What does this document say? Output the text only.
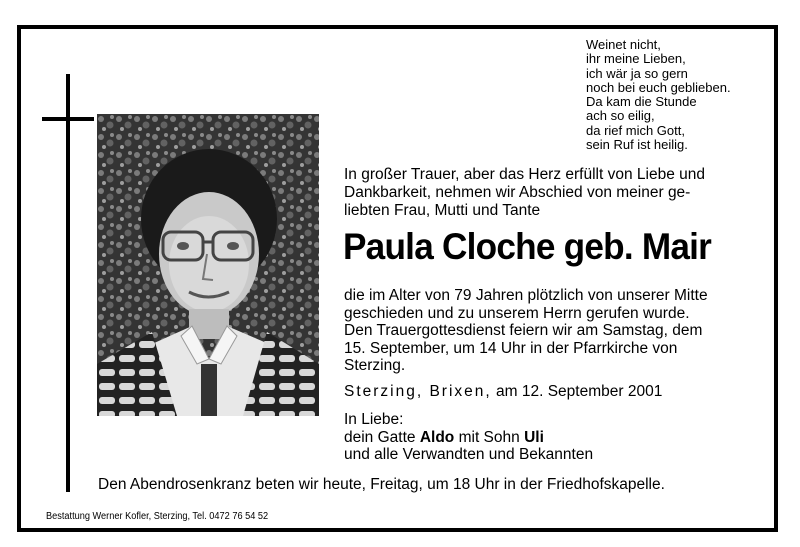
Weinet nicht,
ihr meine Lieben,
ich wär ja so gern
noch bei euch geblieben.
Da kam die Stunde
ach so eilig,
da rief mich Gott,
sein Ruf ist heilig.
In großer Trauer, aber das Herz erfüllt von Liebe und
Dankbarkeit, nehmen wir Abschied von meiner ge-
liebten Frau, Mutti und Tante
Paula Cloche geb. Mair
die im Alter von 79 Jahren plötzlich von unserer Mitte
geschieden und zu unserem Herrn gerufen wurde.
Den Trauergottesdienst feiern wir am Samstag, dem
15. September, um 14 Uhr in der Pfarrkirche von
Sterzing.
Sterzing, Brixen, am 12. September 2001
In Liebe:
dein Gatte Aldo mit Sohn Uli
und alle Verwandten und Bekannten
Den Abendrosenkranz beten wir heute, Freitag, um 18 Uhr in der Friedhofskapelle.
Bestattung Werner Kofler, Sterzing, Tel. 0472 76 54 52
